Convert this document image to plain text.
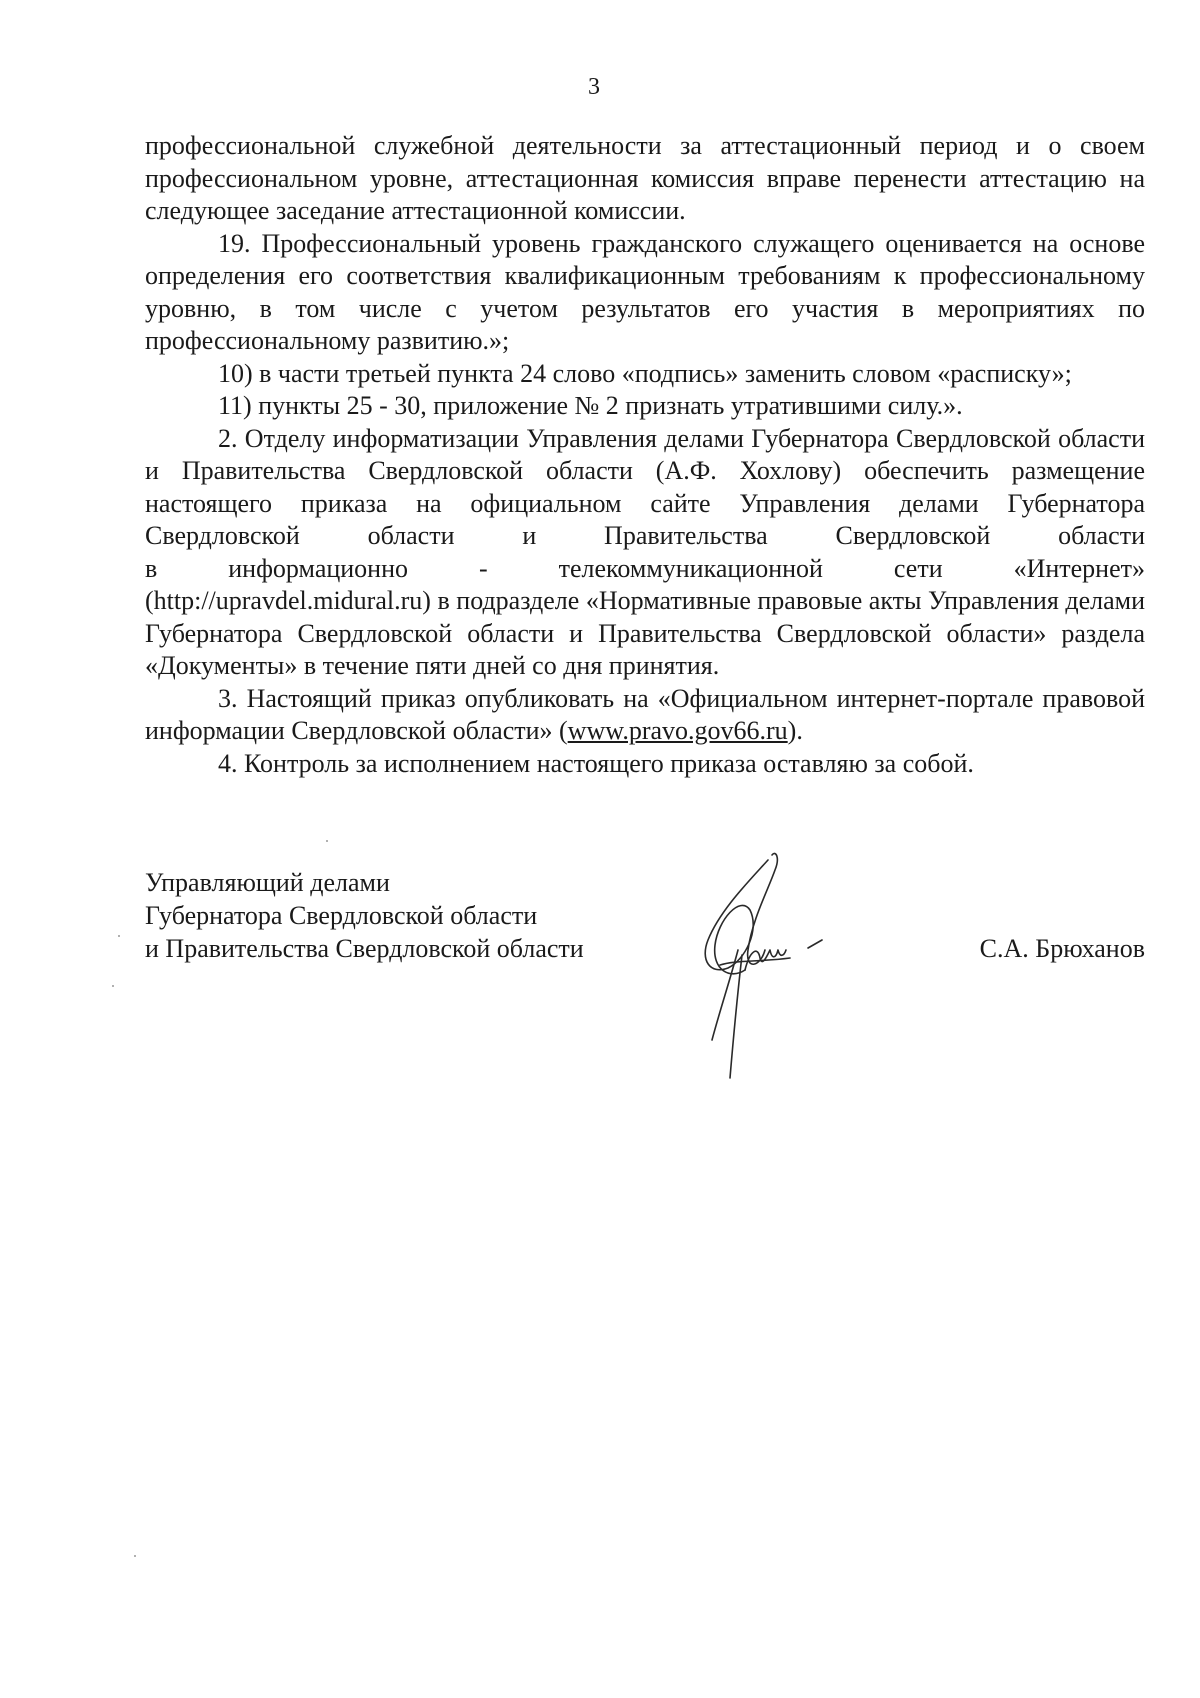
3

профессиональной служебной деятельности за аттестационный период и о своем профессиональном уровне, аттестационная комиссия вправе перенести аттестацию на следующее заседание аттестационной комиссии.

19. Профессиональный уровень гражданского служащего оценивается на основе определения его соответствия квалификационным требованиям к профессиональному уровню, в том числе с учетом результатов его участия в мероприятиях по профессиональному развитию.»;

10) в части третьей пункта 24 слово «подпись» заменить словом «расписку»;

11) пункты 25 - 30, приложение № 2 признать утратившими силу.».

2. Отделу информатизации Управления делами Губернатора Свердловской области и Правительства Свердловской области (А.Ф. Хохлову) обеспечить размещение настоящего приказа на официальном сайте Управления делами Губернатора Свердловской области и Правительства Свердловской области

в информационно - телекоммуникационной сети «Интернет»

(http://upravdel.midural.ru) в подразделе «Нормативные правовые акты Управления делами Губернатора Свердловской области и Правительства Свердловской области» раздела «Документы» в течение пяти дней со дня принятия.

3. Настоящий приказ опубликовать на «Официальном интернет-портале правовой информации Свердловской области» (www.pravo.gov66.ru).

4. Контроль за исполнением настоящего приказа оставляю за собой.

Управляющий делами
Губернатора Свердловской области
и Правительства Свердловской области	С.А. Брюханов
